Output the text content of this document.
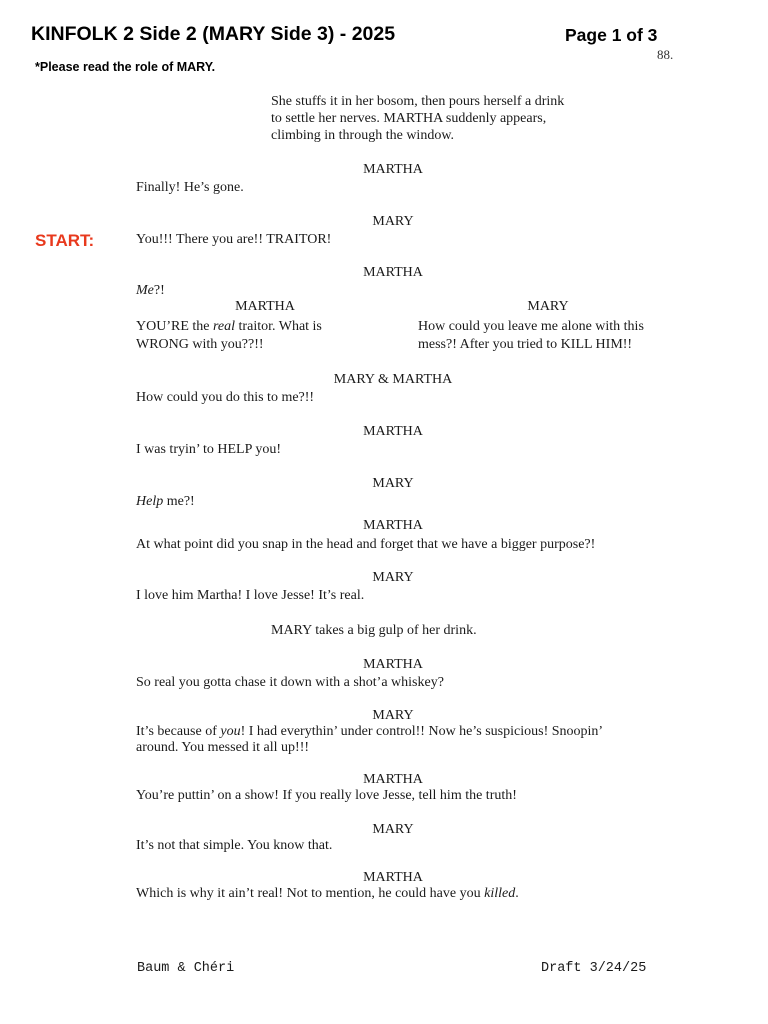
KINFOLK 2 Side 2 (MARY Side 3) - 2025	Page 1 of 3
88.
*Please read the role of MARY.
START:
She stuffs it in her bosom, then pours herself a drink
to settle her nerves. MARTHA suddenly appears,
climbing in through the window.
MARTHA
Finally! He’s gone.
MARY
You!!! There you are!! TRAITOR!
MARTHA
Me?!
MARTHA
YOU’RE the real traitor. What is
WRONG with you??!!
MARY
How could you leave me alone with this
mess?! After you tried to KILL HIM!!
MARY & MARTHA
How could you do this to me?!!
MARTHA
I was tryin’ to HELP you!
MARY
Help me?!
MARTHA
At what point did you snap in the head and forget that we have a bigger purpose?!
MARY
I love him Martha! I love Jesse! It’s real.
MARY takes a big gulp of her drink.
MARTHA
So real you gotta chase it down with a shot’a whiskey?
MARY
It’s because of you! I had everythin’ under control!! Now he’s suspicious! Snoopin’
around. You messed it all up!!!
MARTHA
You’re puttin’ on a show! If you really love Jesse, tell him the truth!
MARY
It’s not that simple. You know that.
MARTHA
Which is why it ain’t real! Not to mention, he could have you killed.
Baum & Chéri	Draft 3/24/25
